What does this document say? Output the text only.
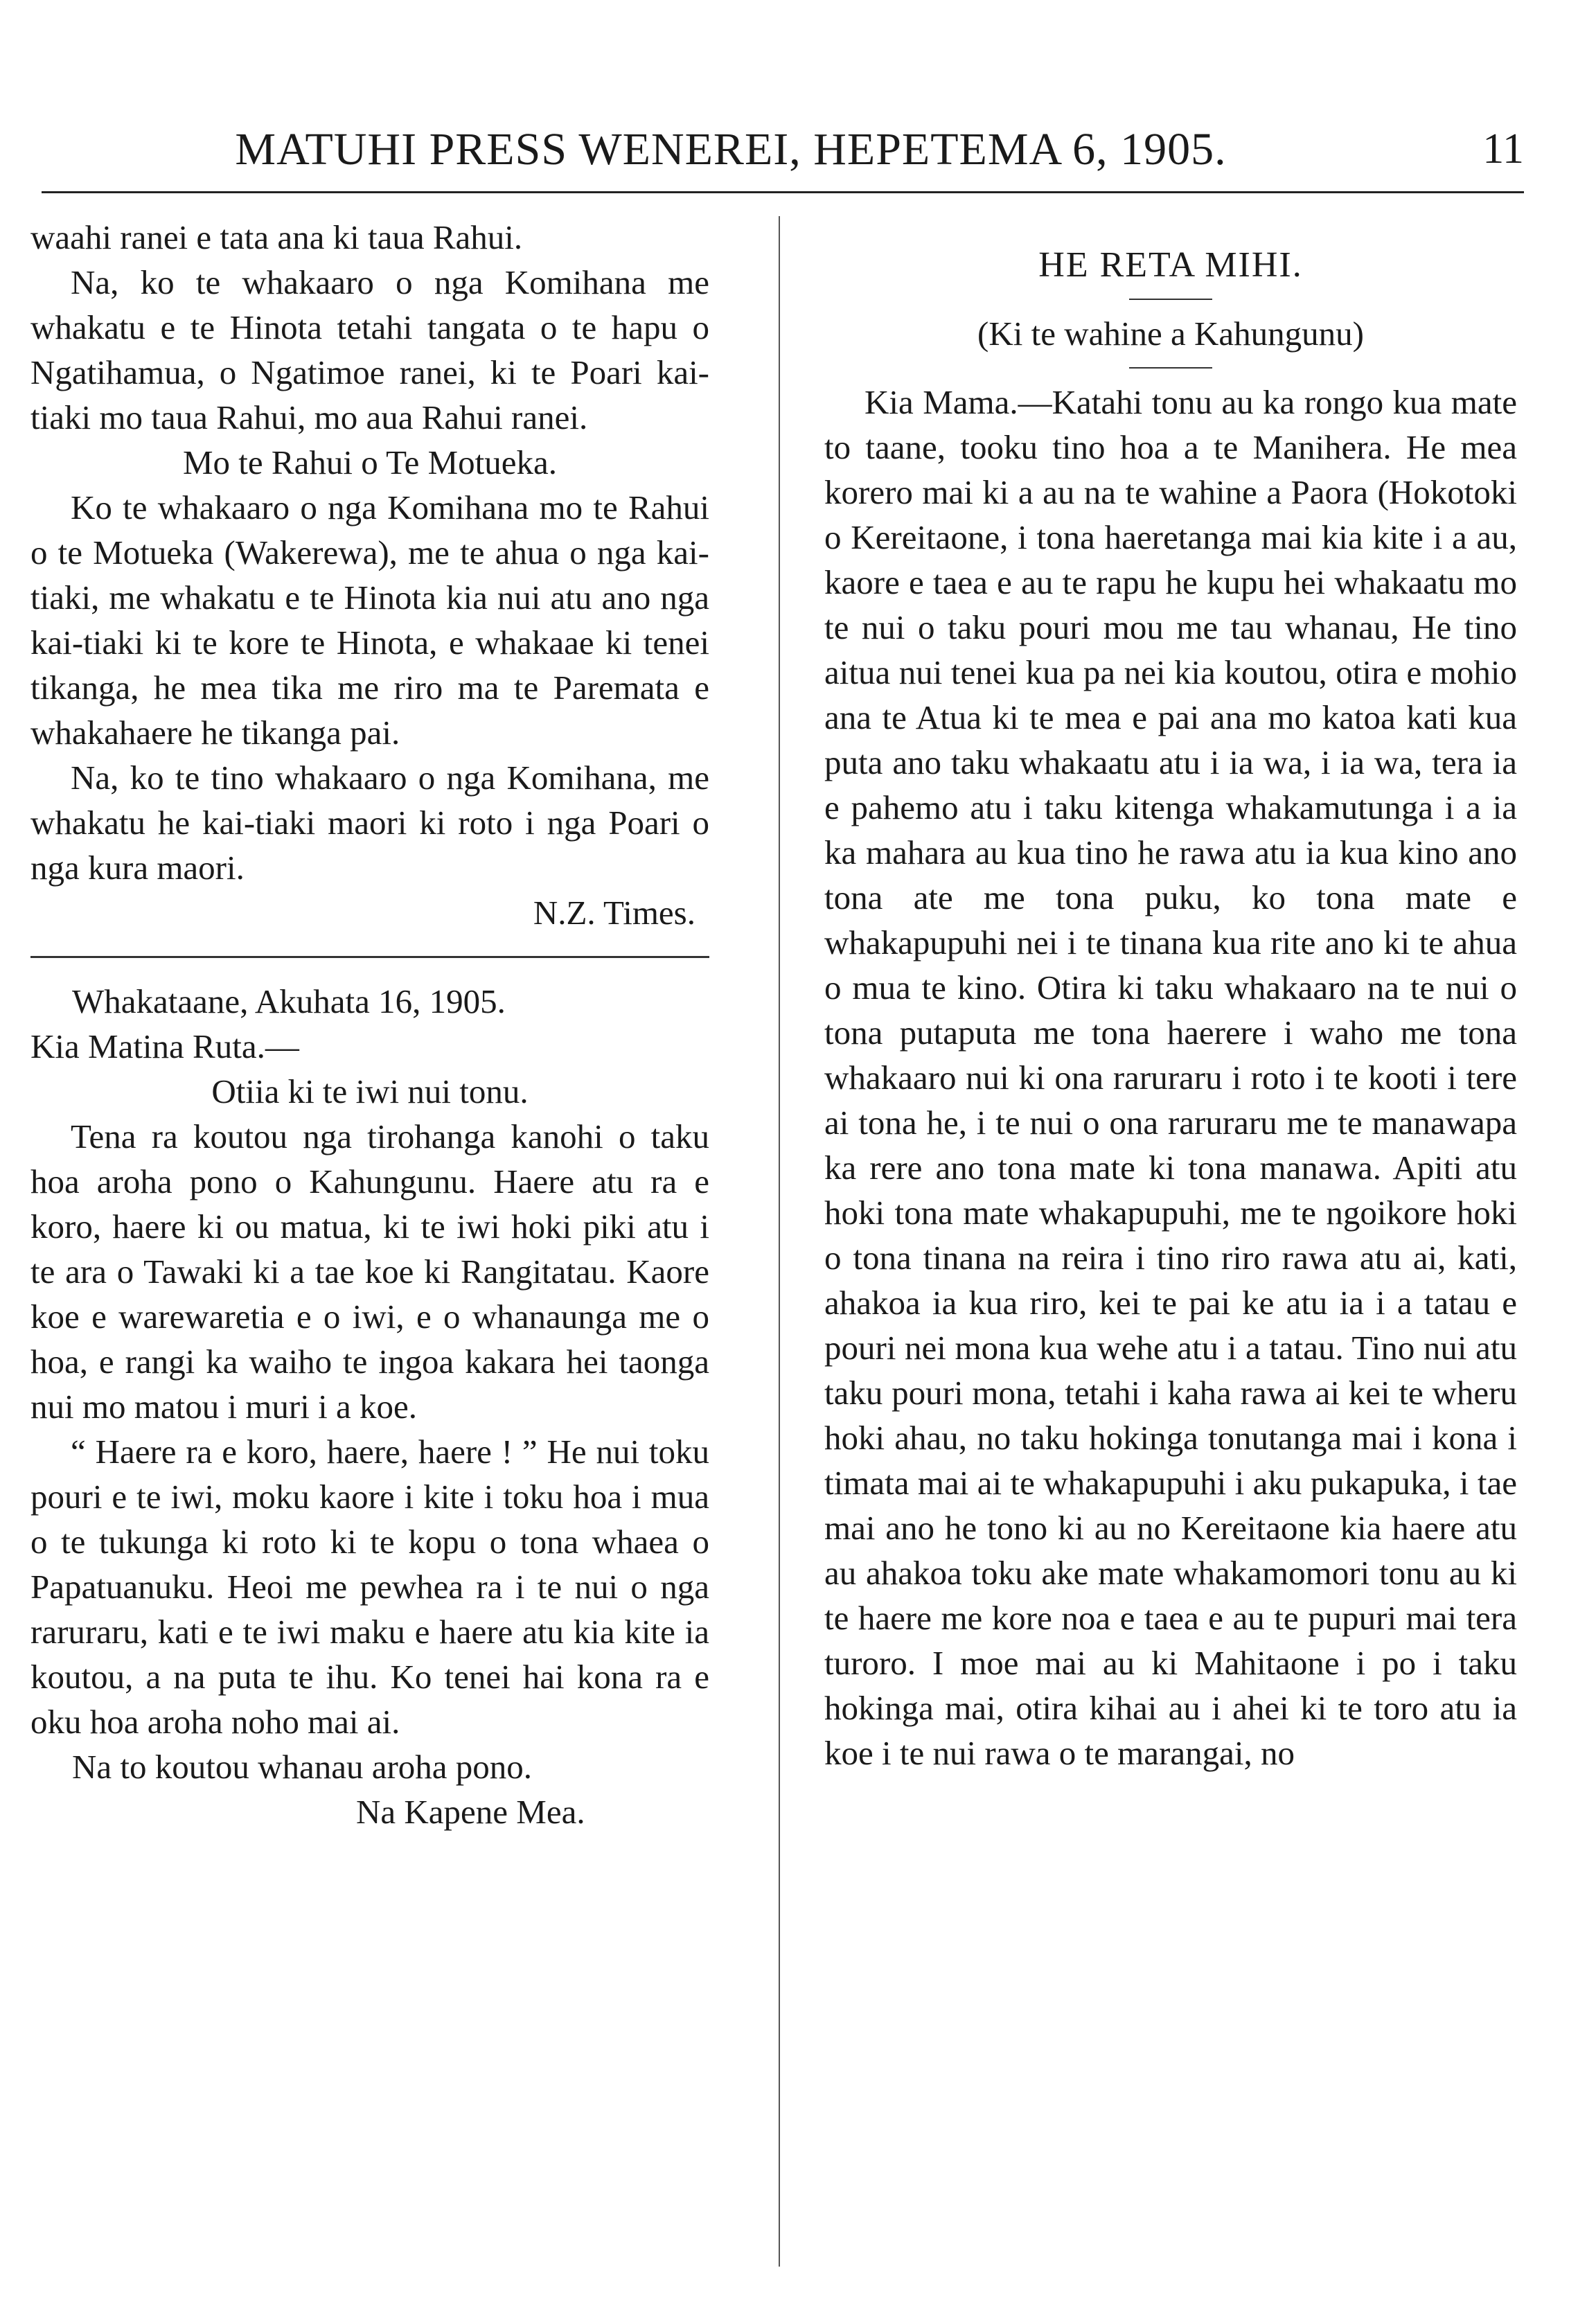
MATUHI PRESS WENEREI, HEPETEMA 6, 1905.	11

waahi ranei e tata ana ki taua Rahui.

Na, ko te whakaaro o nga Komihana me whakatu e te Hinota tetahi tangata o te hapu o Ngatihamua, o Ngatimoe ranei, ki te Poari kai-tiaki mo taua Rahui, mo aua Rahui ranei.

Mo te Rahui o Te Motueka.

Ko te whakaaro o nga Komihana mo te Rahui o te Motueka (Wakerewa), me te ahua o nga kai-tiaki, me whakatu e te Hinota kia nui atu ano nga kai-tiaki ki te kore te Hinota, e whakaae ki tenei tikanga, he mea tika me riro ma te Paremata e whakahaere he tikanga pai.

Na, ko te tino whakaaro o nga Komihana, me whakatu he kai-tiaki maori ki roto i nga Poari o nga kura maori.

N.Z. Times.

Whakataane, Akuhata 16, 1905.

Kia Matina Ruta.—

Otiia ki te iwi nui tonu.

Tena ra koutou nga tirohanga kanohi o taku hoa aroha pono o Kahungunu. Haere atu ra e koro, haere ki ou matua, ki te iwi hoki piki atu i te ara o Tawaki ki a tae koe ki Rangitatau. Kaore koe e warewaretia e o iwi, e o whanaunga me o hoa, e rangi ka waiho te ingoa kakara hei taonga nui mo matou i muri i a koe.

“ Haere ra e koro, haere, haere ! ” He nui toku pouri e te iwi, moku kaore i kite i toku hoa i mua o te tukunga ki roto ki te kopu o tona whaea o Papatuanuku. Heoi me pewhea ra i te nui o nga raruraru, kati e te iwi maku e haere atu kia kite ia koutou, a na puta te ihu. Ko tenei hai kona ra e oku hoa aroha noho mai ai.

Na to koutou whanau aroha pono.

Na Kapene Mea.

HE RETA MIHI.

(Ki te wahine a Kahungunu)

Kia Mama.—Katahi tonu au ka rongo kua mate to taane, tooku tino hoa a te Manihera. He mea korero mai ki a au na te wahine a Paora (Hokotoki o Kereitaone, i tona haeretanga mai kia kite i a au, kaore e taea e au te rapu he kupu hei whakaatu mo te nui o taku pouri mou me tau whanau, He tino aitua nui tenei kua pa nei kia koutou, otira e mohio ana te Atua ki te mea e pai ana mo katoa kati kua puta ano taku whakaatu atu i ia wa, i ia wa, tera ia e pahemo atu i taku kitenga whakamutunga i a ia ka mahara au kua tino he rawa atu ia kua kino ano tona ate me tona puku, ko tona mate e whakapupuhi nei i te tinana kua rite ano ki te ahua o mua te kino. Otira ki taku whakaaro na te nui o tona putaputa me tona haerere i waho me tona whakaaro nui ki ona raruraru i roto i te kooti i tere ai tona he, i te nui o ona raruraru me te manawapa ka rere ano tona mate ki tona manawa. Apiti atu hoki tona mate whakapupuhi, me te ngoikore hoki o tona tinana na reira i tino riro rawa atu ai, kati, ahakoa ia kua riro, kei te pai ke atu ia i a tatau e pouri nei mona kua wehe atu i a tatau. Tino nui atu taku pouri mona, tetahi i kaha rawa ai kei te wheru hoki ahau, no taku hokinga tonutanga mai i kona i timata mai ai te whakapupuhi i aku pukapuka, i tae mai ano he tono ki au no Kereitaone kia haere atu au ahakoa toku ake mate whakamomori tonu au ki te haere me kore noa e taea e au te pupuri mai tera turoro. I moe mai au ki Mahitaone i po i taku hokinga mai, otira kihai au i ahei ki te toro atu ia koe i te nui rawa o te marangai, no
